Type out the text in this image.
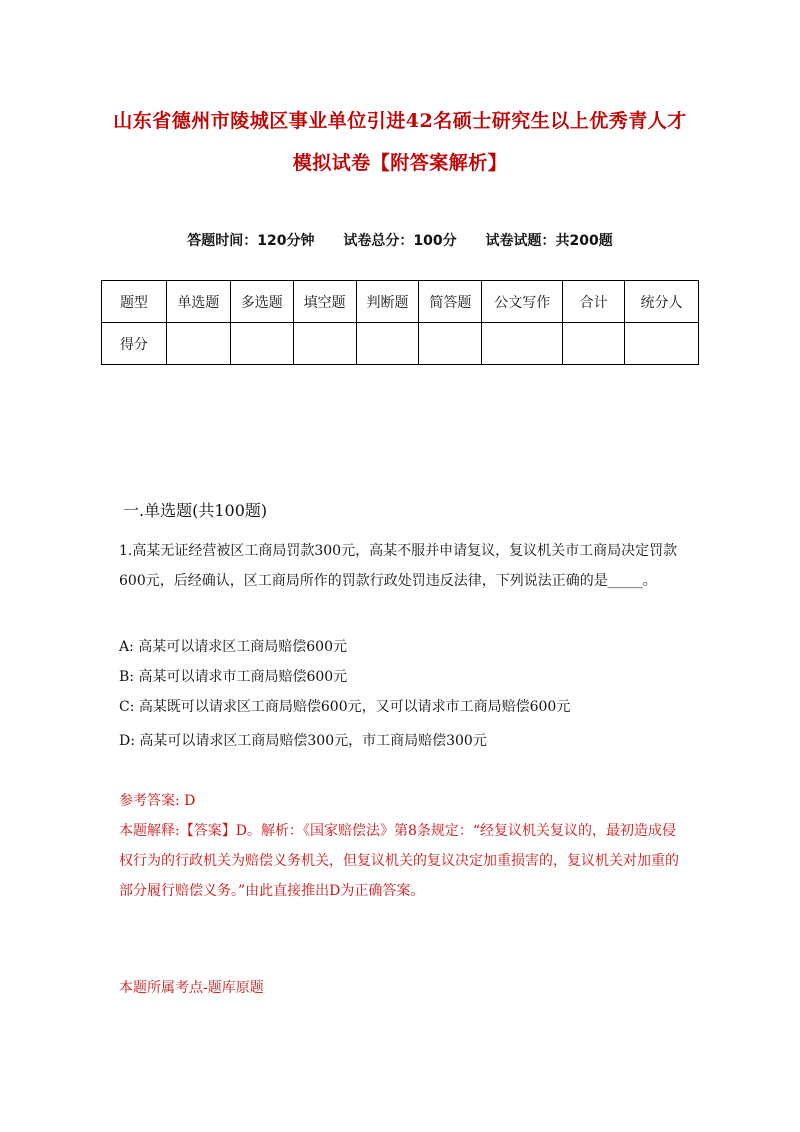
山东省德州市陵城区事业单位引进42名硕士研究生以上优秀青人才
模拟试卷【附答案解析】
答题时间：120分钟 试卷总分：100分 试卷试题：共200题
题型	单选题	多选题	填空题	判断题	简答题	公文写作	合计	统分人
得分								
一.单选题(共100题)
1.高某无证经营被区工商局罚款300元，高某不服并申请复议，复议机关市工商局决定罚款600元，后经确认，区工商局所作的罚款行政处罚违反法律，下列说法正确的是_____。
A: 高某可以请求区工商局赔偿600元
B: 高某可以请求市工商局赔偿600元
C: 高某既可以请求区工商局赔偿600元，又可以请求市工商局赔偿600元
D: 高某可以请求区工商局赔偿300元，市工商局赔偿300元
参考答案: D
本题解释:【答案】D。解析：《国家赔偿法》第8条规定：“经复议机关复议的，最初造成侵权行为的行政机关为赔偿义务机关，但复议机关的复议决定加重损害的，复议机关对加重的部分履行赔偿义务。”由此直接推出D为正确答案。
本题所属考点-题库原题
